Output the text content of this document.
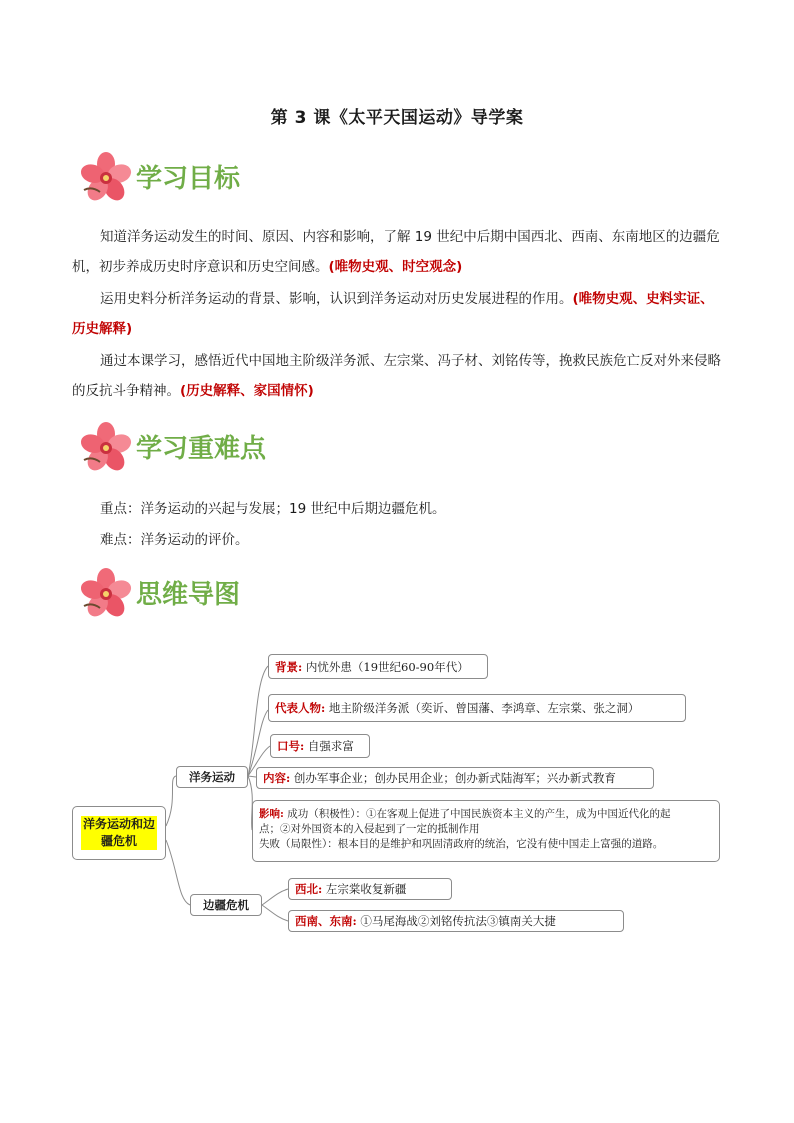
第 3 课《太平天国运动》导学案
学习目标
知道洋务运动发生的时间、原因、内容和影响，了解 19 世纪中后期中国西北、西南、东南地区的边疆危机，初步养成历史时序意识和历史空间感。(唯物史观、时空观念)
运用史料分析洋务运动的背景、影响，认识到洋务运动对历史发展进程的作用。(唯物史观、史料实证、历史解释)
通过本课学习，感悟近代中国地主阶级洋务派、左宗棠、冯子材、刘铭传等，挽救民族危亡反对外来侵略的反抗斗争精神。(历史解释、家国情怀)
学习重难点
重点：洋务运动的兴起与发展；19 世纪中后期边疆危机。
难点：洋务运动的评价。
思维导图
洋务运动和边疆危机
洋务运动
边疆危机
背景:
内忧外患（19世纪60-90年代）
代表人物:
地主阶级洋务派（奕䜣、曾国藩、李鸿章、左宗棠、张之洞）
口号:
自强求富
内容:
创办军事企业；创办民用企业；创办新式陆海军；兴办新式教育
影响: 成功（积极性）：①在客观上促进了中国民族资本主义的产生，成为中国近代化的起
点；②对外国资本的入侵起到了一定的抵制作用
失败（局限性）：根本目的是维护和巩固清政府的统治，它没有使中国走上富强的道路。
西北:
左宗棠收复新疆
西南、东南:
①马尾海战②刘铭传抗法③镇南关大捷
